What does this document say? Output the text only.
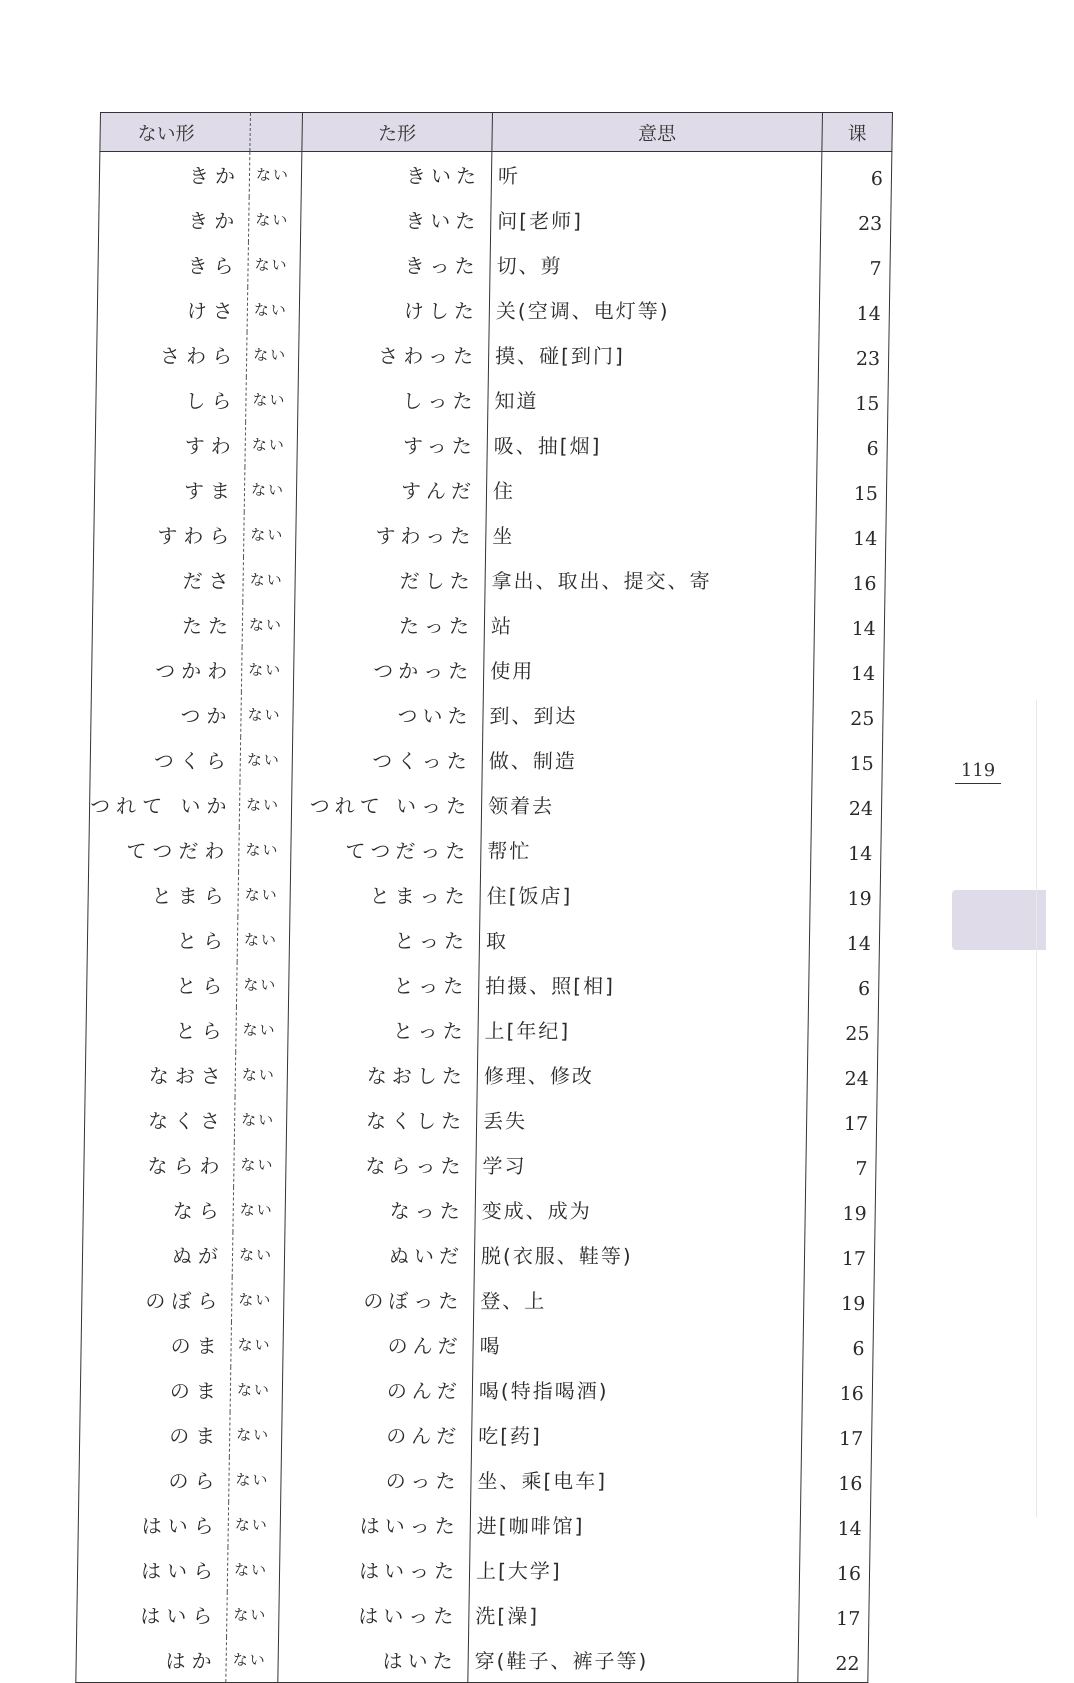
ない形		た形	意思	课
きか	ない	きいた	听	6
きか	ない	きいた	问[老师]	23
きら	ない	きった	切、剪	7
けさ	ない	けした	关(空调、电灯等)	14
さわら	ない	さわった	摸、碰[到门]	23
しら	ない	しった	知道	15
すわ	ない	すった	吸、抽[烟]	6
すま	ない	すんだ	住	15
すわら	ない	すわった	坐	14
ださ	ない	だした	拿出、取出、提交、寄	16
たた	ない	たった	站	14
つかわ	ない	つかった	使用	14
つか	ない	ついた	到、到达	25
つくら	ない	つくった	做、制造	15
つれて いか	ない	つれて いった	领着去	24
てつだわ	ない	てつだった	帮忙	14
とまら	ない	とまった	住[饭店]	19
とら	ない	とった	取	14
とら	ない	とった	拍摄、照[相]	6
とら	ない	とった	上[年纪]	25
なおさ	ない	なおした	修理、修改	24
なくさ	ない	なくした	丢失	17
ならわ	ない	ならった	学习	7
なら	ない	なった	变成、成为	19
ぬが	ない	ぬいだ	脱(衣服、鞋等)	17
のぼら	ない	のぼった	登、上	19
のま	ない	のんだ	喝	6
のま	ない	のんだ	喝(特指喝酒)	16
のま	ない	のんだ	吃[药]	17
のら	ない	のった	坐、乘[电车]	16
はいら	ない	はいった	进[咖啡馆]	14
はいら	ない	はいった	上[大学]	16
はいら	ない	はいった	洗[澡]	17
はか	ない	はいた	穿(鞋子、裤子等)	22
119
